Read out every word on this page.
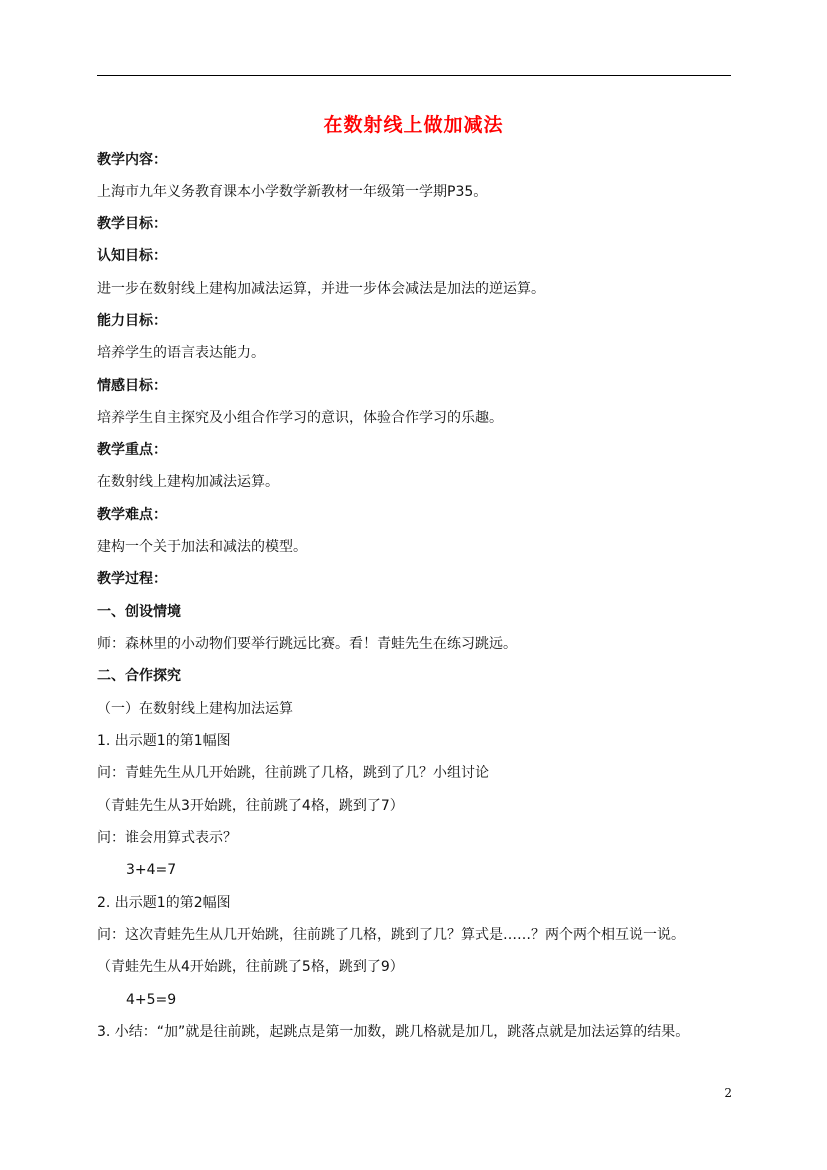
在数射线上做加减法
教学内容：
上海市九年义务教育课本小学数学新教材一年级第一学期P35。
教学目标：
认知目标：
进一步在数射线上建构加减法运算，并进一步体会减法是加法的逆运算。
能力目标：
培养学生的语言表达能力。
情感目标：
培养学生自主探究及小组合作学习的意识，体验合作学习的乐趣。
教学重点：
在数射线上建构加减法运算。
教学难点：
建构一个关于加法和减法的模型。
教学过程：
一、创设情境
师：森林里的小动物们要举行跳远比赛。看！青蛙先生在练习跳远。
二、合作探究
（一）在数射线上建构加法运算
1. 出示题1的第1幅图
问：青蛙先生从几开始跳，往前跳了几格，跳到了几？小组讨论
（青蛙先生从3开始跳，往前跳了4格，跳到了7）
问：谁会用算式表示？
3+4=7
2. 出示题1的第2幅图
问：这次青蛙先生从几开始跳，往前跳了几格，跳到了几？算式是……？两个两个相互说一说。
（青蛙先生从4开始跳，往前跳了5格，跳到了9）
4+5=9
3. 小结：“加”就是往前跳，起跳点是第一加数，跳几格就是加几，跳落点就是加法运算的结果。
2
